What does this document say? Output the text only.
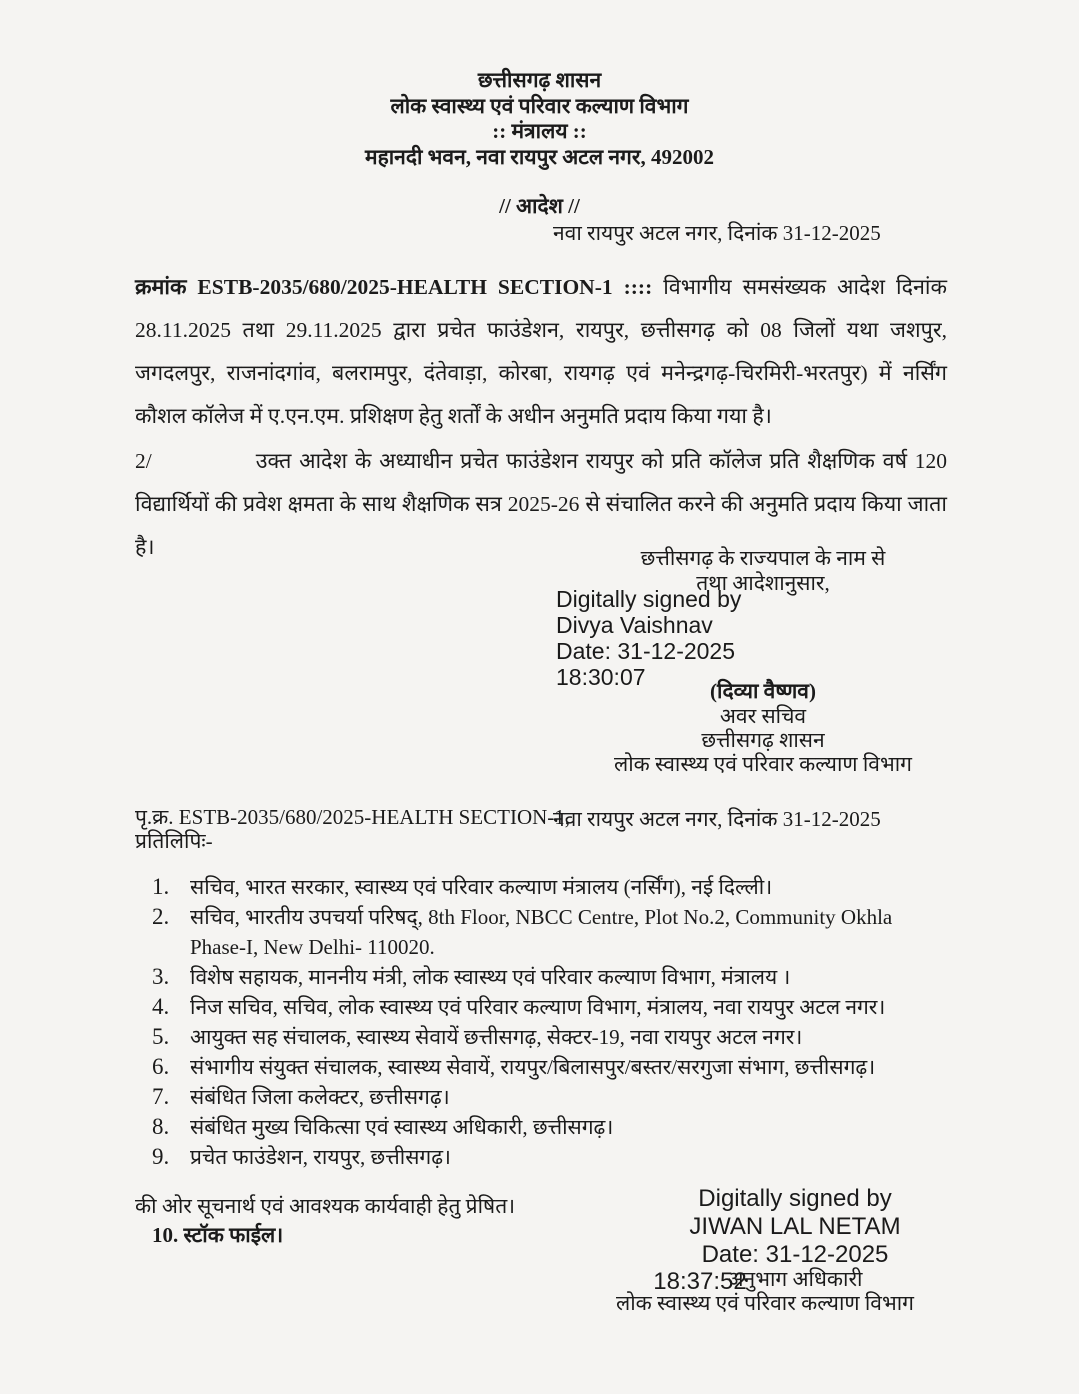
छत्तीसगढ़ शासन
लोक स्वास्थ्य एवं परिवार कल्याण विभाग
:: मंत्रालय ::
महानदी भवन, नवा रायपुर अटल नगर, 492002
// आदेश //
नवा रायपुर अटल नगर, दिनांक 31-12-2025
क्रमांक ESTB-2035/680/2025-HEALTH SECTION-1 :::: विभागीय समसंख्यक आदेश दिनांक 28.11.2025 तथा 29.11.2025 द्वारा प्रचेत फाउंडेशन, रायपुर, छत्तीसगढ़ को 08 जिलों यथा जशपुर, जगदलपुर, राजनांदगांव, बलरामपुर, दंतेवाड़ा, कोरबा, रायगढ़ एवं मनेन्द्रगढ़-चिरमिरी-भरतपुर) में नर्सिंग कौशल कॉलेज में ए.एन.एम. प्रशिक्षण हेतु शर्तों के अधीन अनुमति प्रदाय किया गया है।
2/	उक्त आदेश के अध्याधीन प्रचेत फाउंडेशन रायपुर को प्रति कॉलेज प्रति शैक्षणिक वर्ष 120 विद्यार्थियों की प्रवेश क्षमता के साथ शैक्षणिक सत्र 2025-26 से संचालित करने की अनुमति प्रदाय किया जाता है।	छत्तीसगढ़ के राज्यपाल के नाम से
तथा आदेशानुसार,
Digitally signed by
Divya Vaishnav
Date: 31-12-2025
18:30:07
(दिव्या वैष्णव)
अवर सचिव
छत्तीसगढ़ शासन
लोक स्वास्थ्य एवं परिवार कल्याण विभाग
पृ.क्र. ESTB-2035/680/2025-HEALTH SECTION-1,
नवा रायपुर अटल नगर, दिनांक 31-12-2025
प्रतिलिपिः-
1. सचिव, भारत सरकार, स्वास्थ्य एवं परिवार कल्याण मंत्रालय (नर्सिंग), नई दिल्ली।
2. सचिव, भारतीय उपचर्या परिषद्, 8th Floor, NBCC Centre, Plot No.2, Community Okhla Phase-I, New Delhi- 110020.
3. विशेष सहायक, माननीय मंत्री, लोक स्वास्थ्य एवं परिवार कल्याण विभाग, मंत्रालय ।
4. निज सचिव, सचिव, लोक स्वास्थ्य एवं परिवार कल्याण विभाग, मंत्रालय, नवा रायपुर अटल नगर।
5. आयुक्त सह संचालक, स्वास्थ्य सेवायें छत्तीसगढ़, सेक्टर-19, नवा रायपुर अटल नगर।
6. संभागीय संयुक्त संचालक, स्वास्थ्य सेवायें, रायपुर/बिलासपुर/बस्तर/सरगुजा संभाग, छत्तीसगढ़।
7. संबंधित जिला कलेक्टर, छत्तीसगढ़।
8. संबंधित मुख्य चिकित्सा एवं स्वास्थ्य अधिकारी, छत्तीसगढ़।
9. प्रचेत फाउंडेशन, रायपुर, छत्तीसगढ़।
की ओर सूचनार्थ एवं आवश्यक कार्यवाही हेतु प्रेषित।
10. स्टॉक फाईल।
Digitally signed by
JIWAN LAL NETAM
Date: 31-12-2025
अनुभाग अधिकारी
18:37:52
लोक स्वास्थ्य एवं परिवार कल्याण विभाग
